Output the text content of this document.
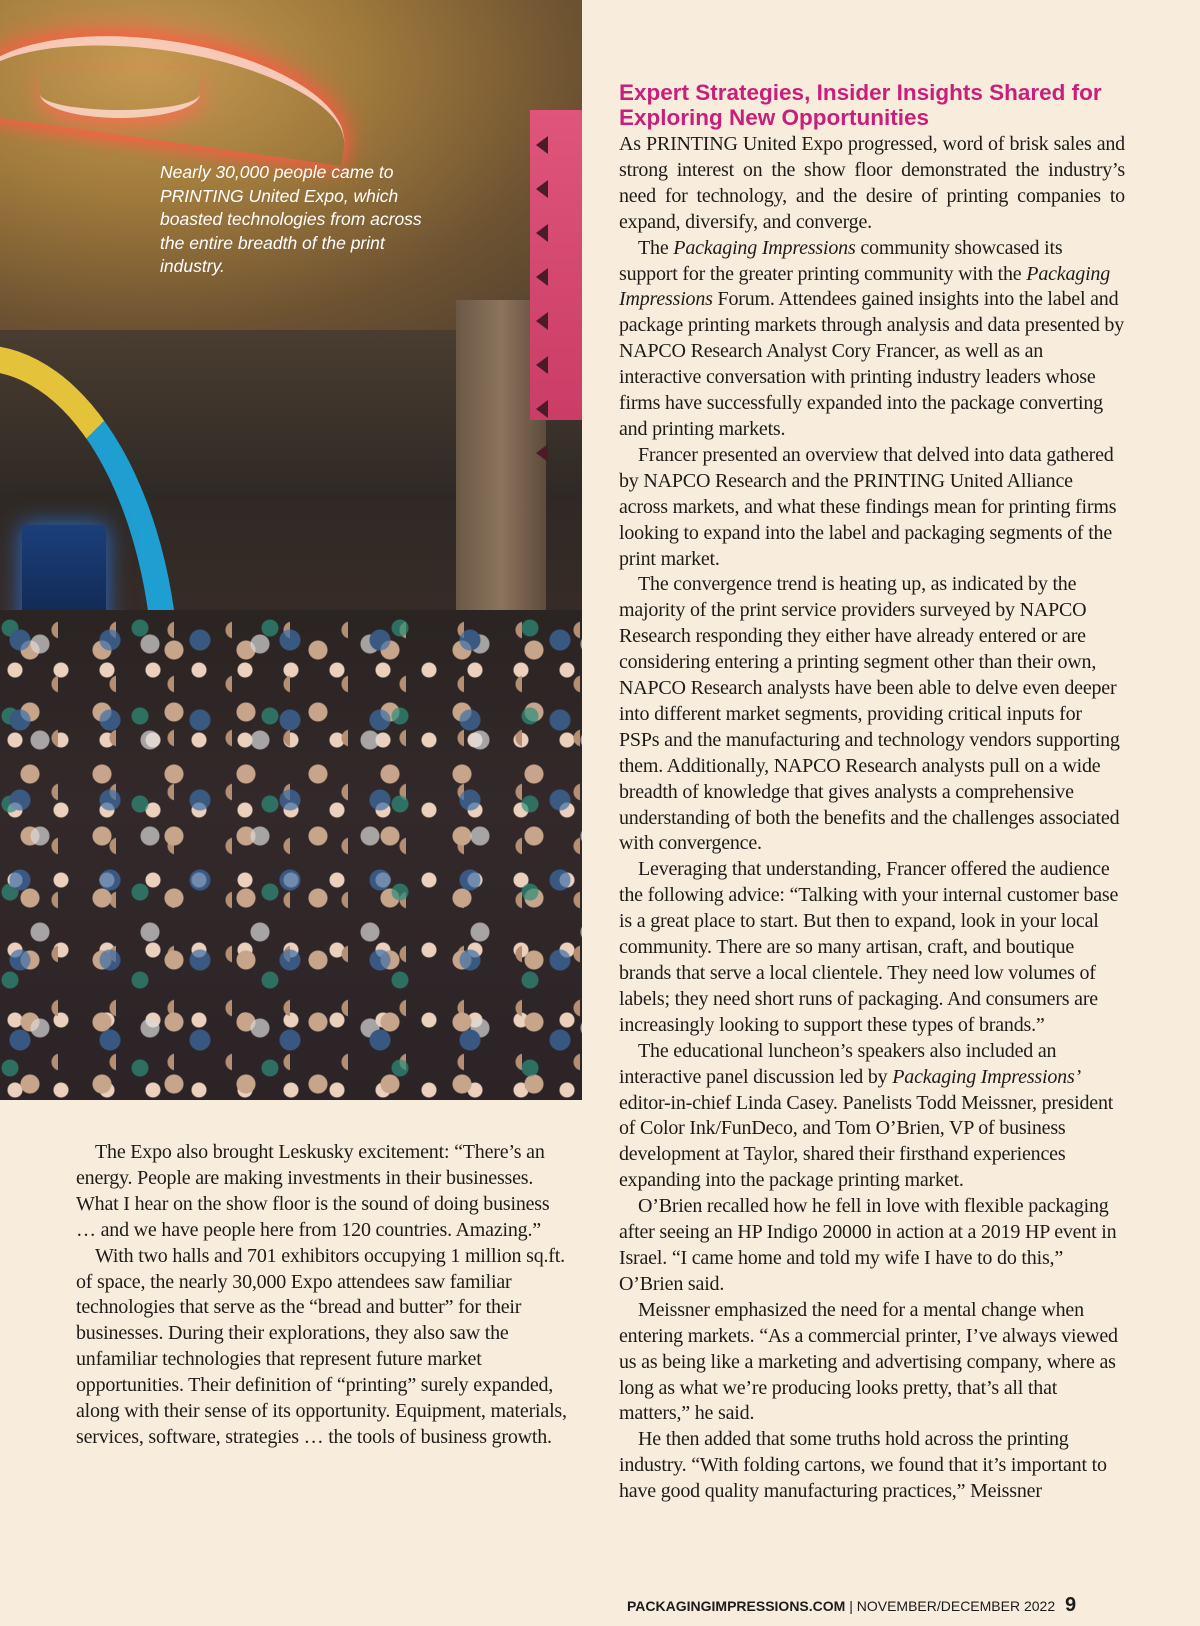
Nearly 30,000 people came to PRINTING United Expo, which boasted technologies from across the entire breadth of the print industry.

The Expo also brought Leskusky excitement: “There’s an energy. People are making investments in their businesses. What I hear on the show floor is the sound of doing business … and we have people here from 120 countries. Amazing.”

With two halls and 701 exhibitors occupying 1 million sq.ft. of space, the nearly 30,000 Expo attendees saw familiar technologies that serve as the “bread and butter” for their businesses. During their explorations, they also saw the unfamiliar technologies that represent future market opportunities. Their definition of “printing” surely expanded, along with their sense of its opportunity. Equipment, materials, services, software, strategies … the tools of business growth.

Expert Strategies, Insider Insights Shared for Exploring New Opportunities

As PRINTING United Expo progressed, word of brisk sales and strong interest on the show floor demonstrated the industry’s need for technology, and the desire of printing companies to expand, diversify, and converge.

The Packaging Impressions community showcased its support for the greater printing community with the Packaging Impressions Forum. Attendees gained insights into the label and package printing markets through analysis and data presented by NAPCO Research Analyst Cory Francer, as well as an interactive conversation with printing industry leaders whose firms have successfully expanded into the package converting and printing markets.

Francer presented an overview that delved into data gathered by NAPCO Research and the PRINTING United Alliance across markets, and what these findings mean for printing firms looking to expand into the label and packaging segments of the print market.

The convergence trend is heating up, as indicated by the majority of the print service providers surveyed by NAPCO Research responding they either have already entered or are considering entering a printing segment other than their own, NAPCO Research analysts have been able to delve even deeper into different market segments, providing critical inputs for PSPs and the manufacturing and technology vendors supporting them. Additionally, NAPCO Research analysts pull on a wide breadth of knowledge that gives analysts a comprehensive understanding of both the benefits and the challenges associated with convergence.

Leveraging that understanding, Francer offered the audience the following advice: “Talking with your internal customer base is a great place to start. But then to expand, look in your local community. There are so many artisan, craft, and boutique brands that serve a local clientele. They need low volumes of labels; they need short runs of packaging. And consumers are increasingly looking to support these types of brands.”

The educational luncheon’s speakers also included an interactive panel discussion led by Packaging Impressions’ editor-in-chief Linda Casey. Panelists Todd Meissner, president of Color Ink/FunDeco, and Tom O’Brien, VP of business development at Taylor, shared their firsthand experiences expanding into the package printing market.

O’Brien recalled how he fell in love with flexible packaging after seeing an HP Indigo 20000 in action at a 2019 HP event in Israel. “I came home and told my wife I have to do this,” O’Brien said.

Meissner emphasized the need for a mental change when entering markets. “As a commercial printer, I’ve always viewed us as being like a marketing and advertising company, where as long as what we’re producing looks pretty, that’s all that matters,” he said.

He then added that some truths hold across the printing industry. “With folding cartons, we found that it’s important to have good quality manufacturing practices,” Meissner

PACKAGINGIMPRESSIONS.COM | NOVEMBER/DECEMBER 2022 9
